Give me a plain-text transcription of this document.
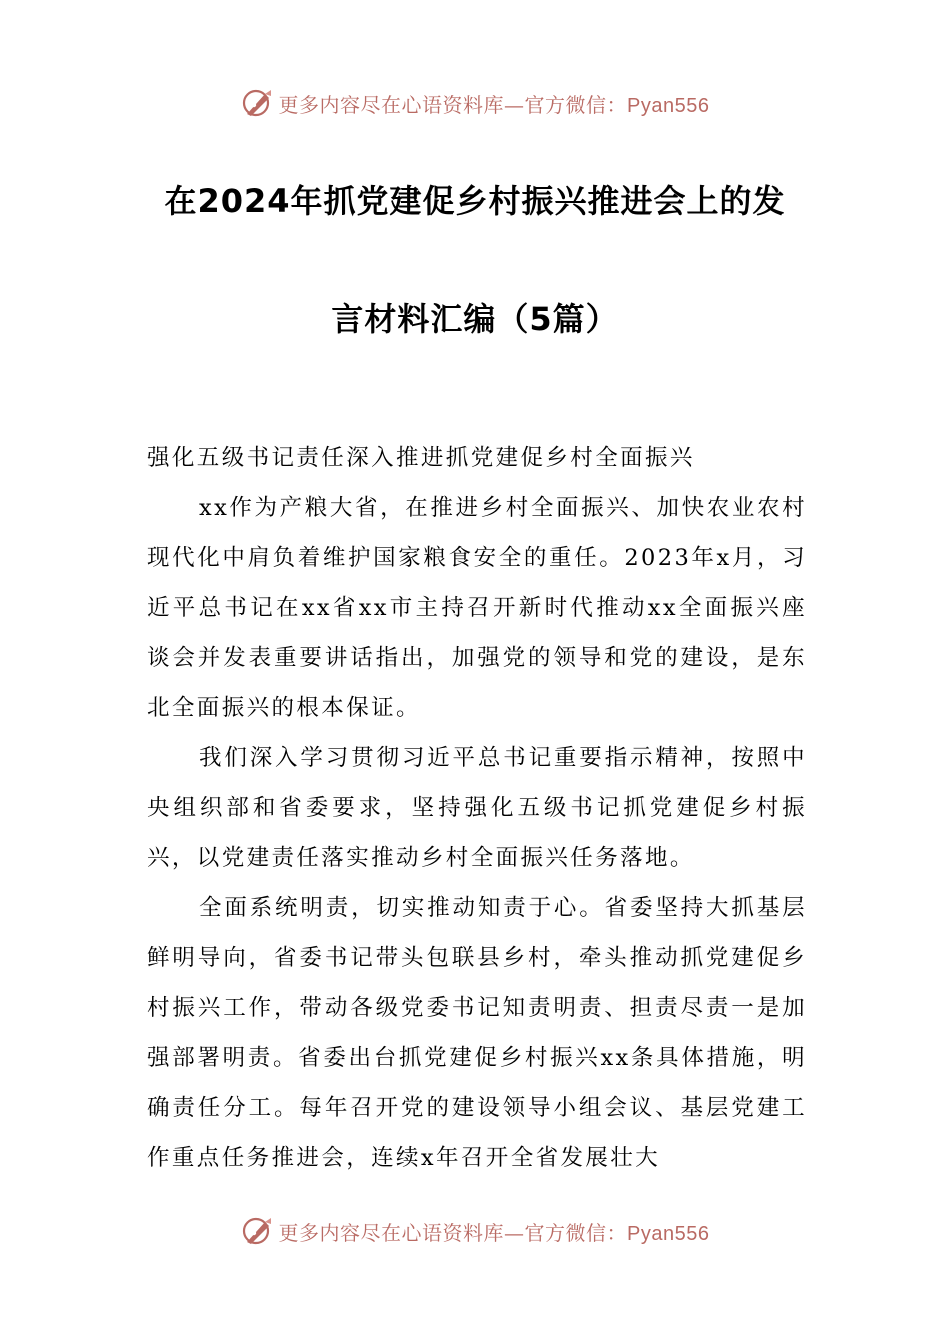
更多内容尽在心语资料库—官方微信：Pyan556
在2024年抓党建促乡村振兴推进会上的发
言材料汇编（5篇）

强化五级书记责任深入推进抓党建促乡村全面振兴

xx作为产粮大省，在推进乡村全面振兴、加快农业农村现代化中肩负着维护国家粮食安全的重任。2023年x月，习近平总书记在xx省xx市主持召开新时代推动xx全面振兴座谈会并发表重要讲话指出，加强党的领导和党的建设，是东北全面振兴的根本保证。

我们深入学习贯彻习近平总书记重要指示精神，按照中央组织部和省委要求，坚持强化五级书记抓党建促乡村振兴，以党建责任落实推动乡村全面振兴任务落地。

全面系统明责，切实推动知责于心。省委坚持大抓基层鲜明导向，省委书记带头包联县乡村，牵头推动抓党建促乡村振兴工作，带动各级党委书记知责明责、担责尽责一是加强部署明责。省委出台抓党建促乡村振兴xx条具体措施，明确责任分工。每年召开党的建设领导小组会议、基层党建工作重点任务推进会，连续x年召开全省发展壮大

更多内容尽在心语资料库—官方微信：Pyan556
